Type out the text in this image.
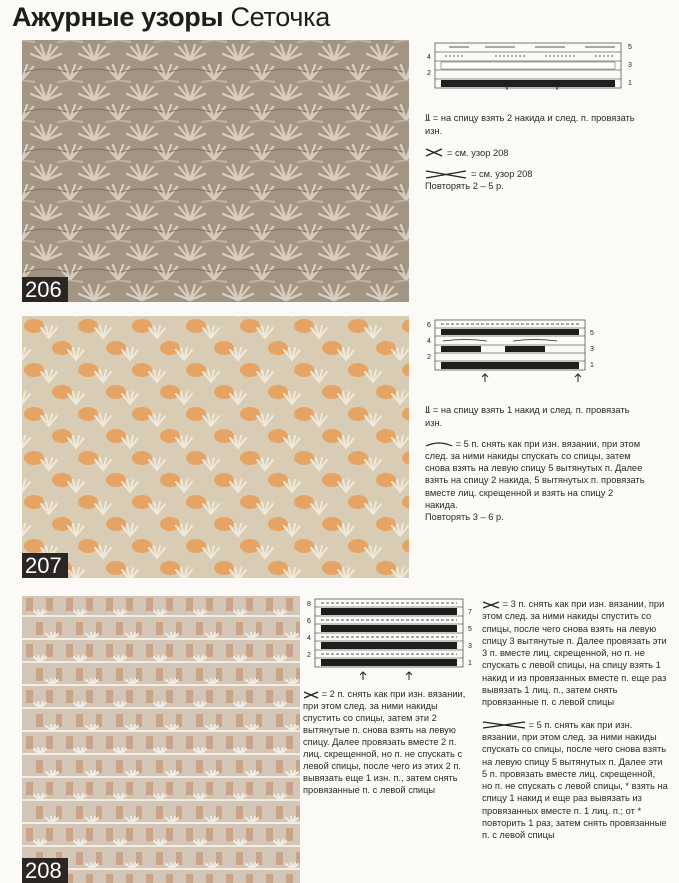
Ажурные узоры Сеточка
206
4
2
5
3
1

⫫ = на спицу взять 2 накида и след. п. провязать изн.

= см. узор 208
= см. узор 208

Повторять 2 – 5 р.

207
6
4
2
5
3
1

⫫ = на спицу взять 1 накид и след. п. провязать изн.

= 5 п. снять как при изн. вязании, при этом след. за ними накиды спускать со спицы, затем снова взять на левую спицу 5 вытянутых п. Далее взять на спицу 2 накида, 5 вытянутых п. провязать вместе лиц. скрещенной и взять на спицу 2 накида.

Повторять 3 – 6 р.

208
8
6
4
2
7
5
3
1

= 2 п. снять как при изн. вязании, при этом след. за ними накиды спустить со спицы, затем эти 2 вытянутые п. снова взять на левую спицу. Далее провязать вместе 2 п. лиц. скрещенной, но п. не спускать с левой спицы, после чего из этих 2 п. вывязать еще 1 изн. п., затем снять провязанные п. с левой спицы

= 3 п. снять как при изн. вязании, при этом след. за ними накиды спустить со спицы, после чего снова взять на левую спицу 3 вытянутые п. Далее провязать эти 3 п. вместе лиц. скрещенной, но п. не спускать с левой спицы, на спицу взять 1 накид и из провязанных вместе п. еще раз вывязать 1 лиц. п., затем снять провязанные п. с левой спицы

= 5 п. снять как при изн. вязании, при этом след. за ними накиды спускать со спицы, после чего снова взять на левую спицу 5 вытянутых п. Далее эти 5 п. провязать вместе лиц. скрещенной, но п. не спускать с левой спицы, * взять на спицу 1 накид и еще раз вывязать из провязанных вместе п. 1 лиц. п.; от * повторить 1 раз, затем снять провязанные п. с левой спицы
